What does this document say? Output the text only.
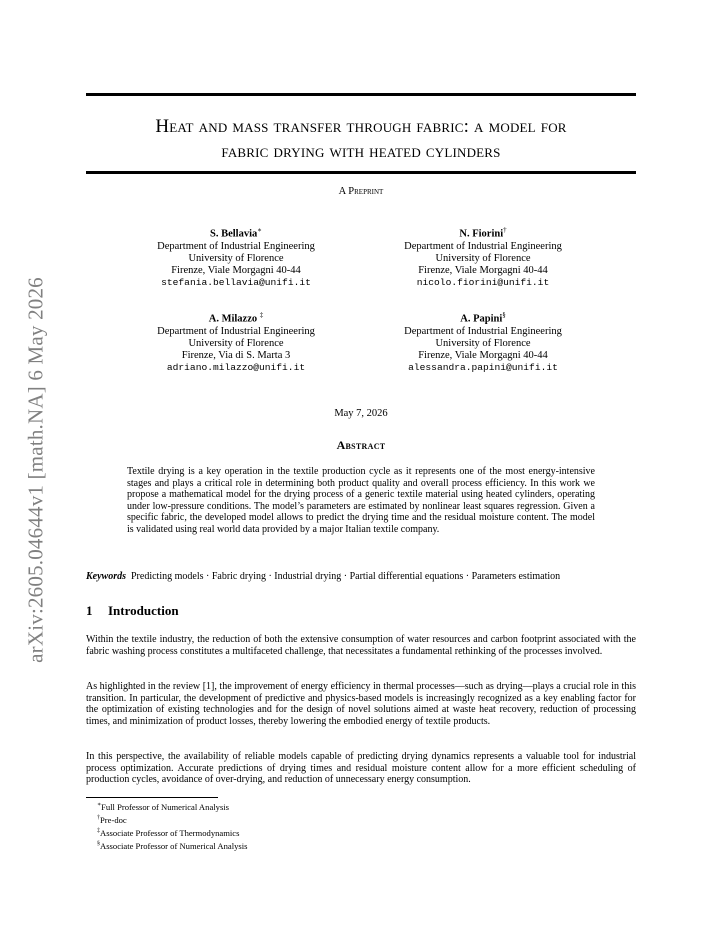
arXiv:2605.04644v1 [math.NA] 6 May 2026
Heat and mass transfer through fabric: a model for
fabric drying with heated cylinders
A Preprint
S. Bellavia∗
Department of Industrial Engineering
University of Florence
Firenze, Viale Morgagni 40-44
stefania.bellavia@unifi.it
N. Fiorini†
Department of Industrial Engineering
University of Florence
Firenze, Viale Morgagni 40-44
nicolo.fiorini@unifi.it
A. Milazzo ‡
Department of Industrial Engineering
University of Florence
Firenze, Via di S. Marta 3
adriano.milazzo@unifi.it
A. Papini§
Department of Industrial Engineering
University of Florence
Firenze, Viale Morgagni 40-44
alessandra.papini@unifi.it
May 7, 2026
Abstract
Textile drying is a key operation in the textile production cycle as it represents one of the most energy-intensive stages and plays a critical role in determining both product quality and overall process efficiency. In this work we propose a mathematical model for the drying process of a generic textile material using heated cylinders, operating under low-pressure conditions. The model’s parameters are estimated by nonlinear least squares regression. Given a specific fabric, the developed model allows to predict the drying time and the residual moisture content. The model is validated using real world data provided by a major Italian textile company.
Keywords Predicting models · Fabric drying · Industrial drying · Partial differential equations · Parameters estimation
1 Introduction
Within the textile industry, the reduction of both the extensive consumption of water resources and carbon footprint associated with the fabric washing process constitutes a multifaceted challenge, that necessitates a fundamental rethinking of the processes involved.
As highlighted in the review [1], the improvement of energy efficiency in thermal processes—such as drying—plays a crucial role in this transition. In particular, the development of predictive and physics-based models is increasingly recognized as a key enabling factor for the optimization of existing technologies and for the design of novel solutions aimed at waste heat recovery, reduction of processing times, and minimization of product losses, thereby lowering the embodied energy of textile products.
In this perspective, the availability of reliable models capable of predicting drying dynamics represents a valuable tool for industrial process optimization. Accurate predictions of drying times and residual moisture content allow for a more efficient scheduling of production cycles, avoidance of over-drying, and reduction of unnecessary energy consumption.
∗Full Professor of Numerical Analysis
†Pre-doc
‡Associate Professor of Thermodynamics
§Associate Professor of Numerical Analysis
